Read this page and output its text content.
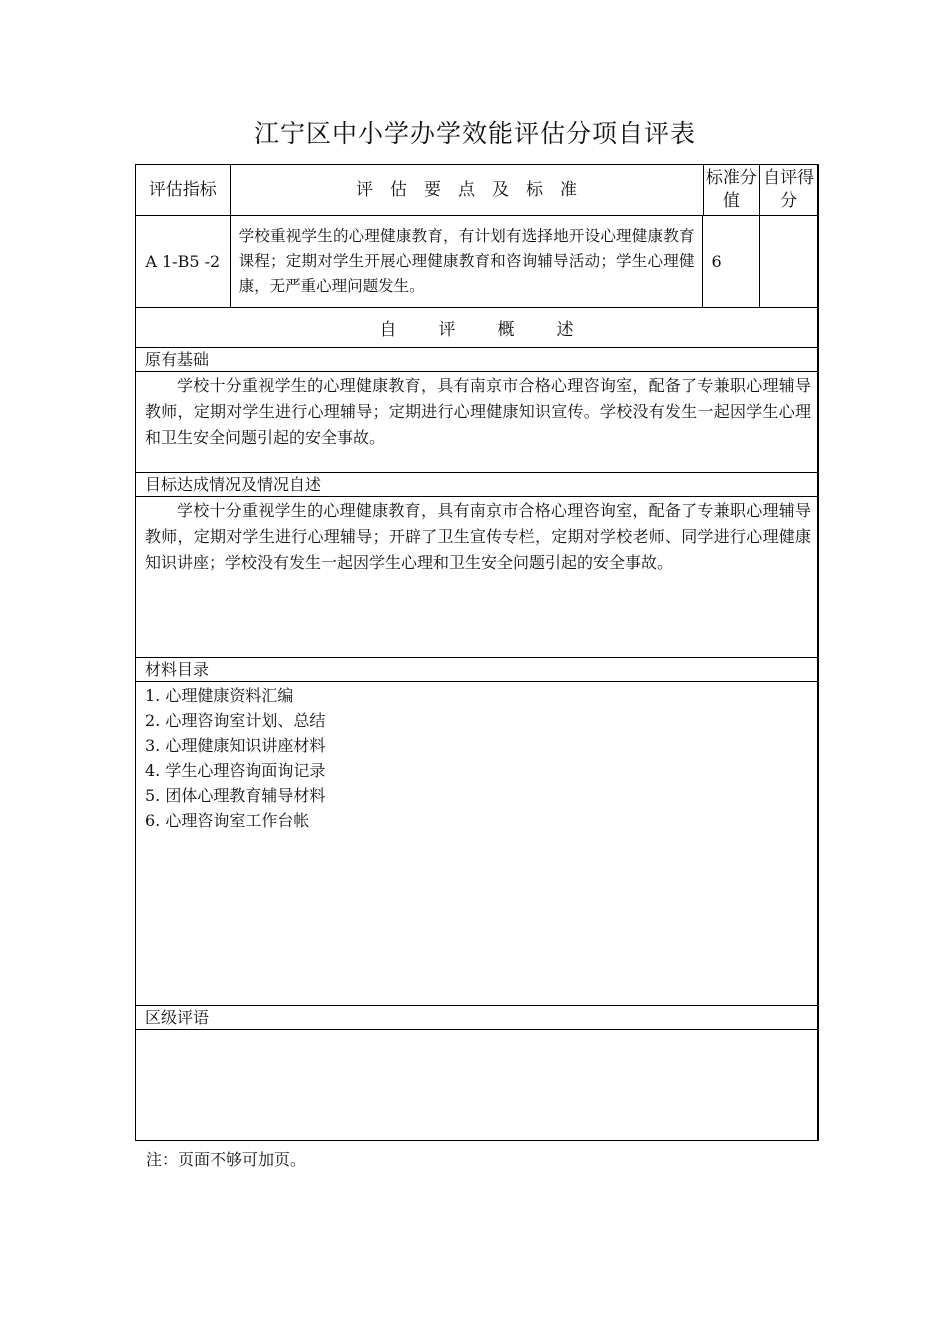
江宁区中小学办学效能评估分项自评表
评估指标	评估要点及标准
标准分值
自评得分
A 1-B5 -2
学校重视学生的心理健康教育，有计划有选择地开设心理健康教育课程；定期对学生开展心理健康教育和咨询辅导活动；学生心理健康，无严重心理问题发生。
6
自评概述
原有基础

学校十分重视学生的心理健康教育，具有南京市合格心理咨询室，配备了专兼职心理辅导教师，定期对学生进行心理辅导；定期进行心理健康知识宣传。学校没有发生一起因学生心理和卫生安全问题引起的安全事故。

目标达成情况及情况自述

学校十分重视学生的心理健康教育，具有南京市合格心理咨询室，配备了专兼职心理辅导教师，定期对学生进行心理辅导；开辟了卫生宣传专栏，定期对学校老师、同学进行心理健康知识讲座；学校没有发生一起因学生心理和卫生安全问题引起的安全事故。

材料目录
1. 心理健康资料汇编
2. 心理咨询室计划、总结
3. 心理健康知识讲座材料
4. 学生心理咨询面询记录
5. 团体心理教育辅导材料
6. 心理咨询室工作台帐
区级评语

注：页面不够可加页。
